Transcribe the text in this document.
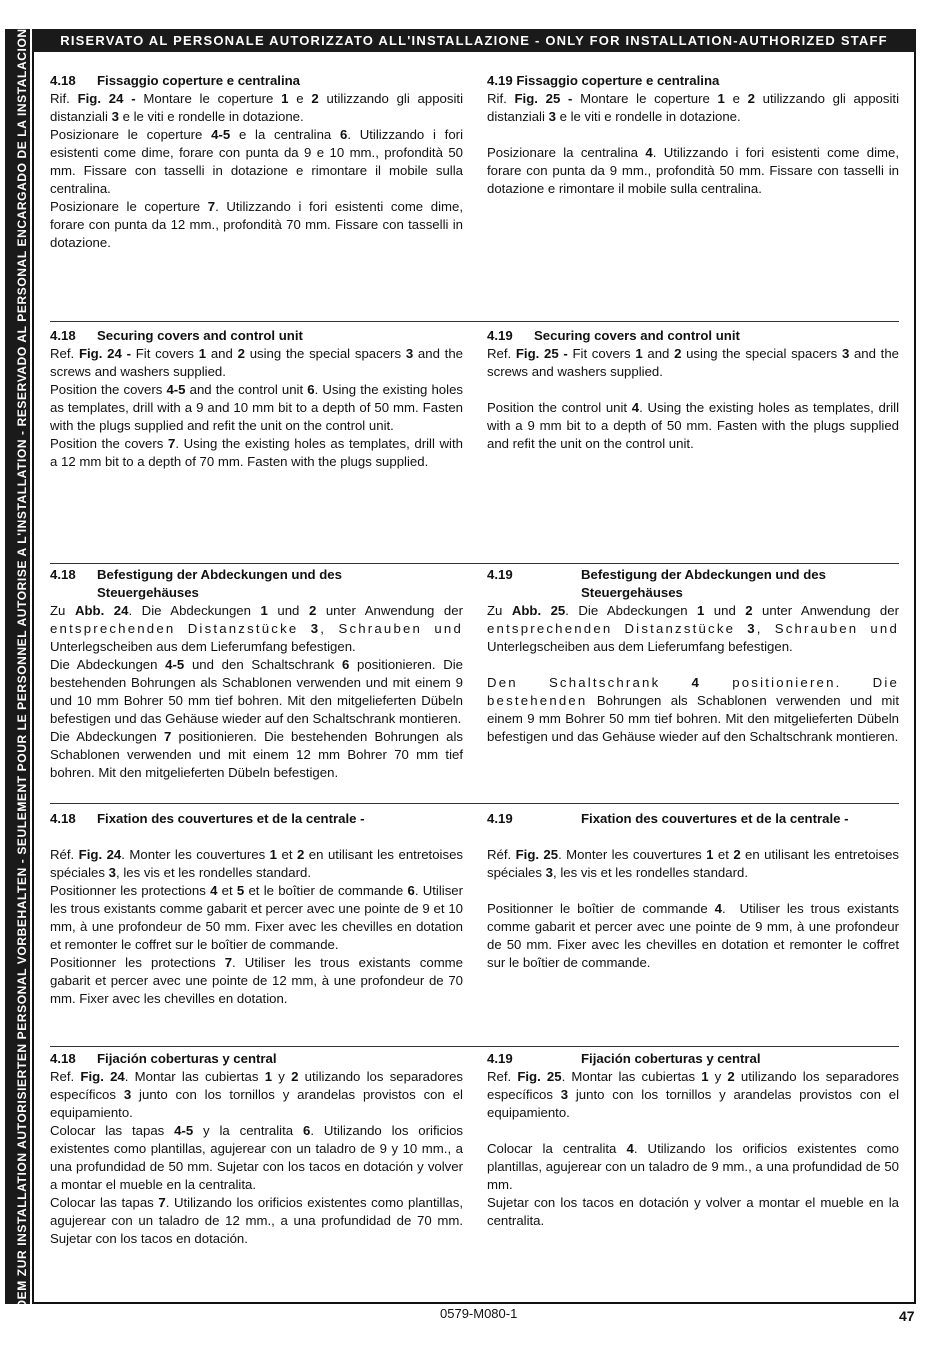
RISERVATO AL PERSONALE AUTORIZZATO ALL'INSTALLAZIONE - ONLY FOR INSTALLATION-AUTHORIZED STAFF
IST DEM ZUR INSTALLATION AUTORISIERTEN PERSONAL VORBEHALTEN - SEULEMENT POUR LE PERSONNEL AUTORISE A L'INSTALLATION - RESERVADO AL PERSONAL ENCARGADO DE LA INSTALACION	4.18 Fissaggio coperture e centralina

Rif. Fig. 24 - Montare le coperture 1 e 2 utilizzando gli appositi distanziali 3 e le viti e rondelle in dotazione.

Posizionare le coperture 4-5 e la centralina 6. Utilizzando i fori esistenti come dime, forare con punta da 9 e 10 mm., profondità 50 mm. Fissare con tasselli in dotazione e rimontare il mobile sulla centralina.

Posizionare le coperture 7. Utilizzando i fori esistenti come dime, forare con punta da 12 mm., profondità 70 mm. Fissare con tasselli in dotazione.

4.19 Fissaggio coperture e centralina

Rif. Fig. 25 - Montare le coperture 1 e 2 utilizzando gli appositi distanziali 3 e le viti e rondelle in dotazione.

Posizionare la centralina 4. Utilizzando i fori esistenti come dime, forare con punta da 9 mm., profondità 50 mm. Fissare con tasselli in dotazione e rimontare il mobile sulla centralina.

4.18 Securing covers and control unit

Ref. Fig. 24 - Fit covers 1 and 2 using the special spacers 3 and the screws and washers supplied.

Position the covers 4-5 and the control unit 6. Using the existing holes as templates, drill with a 9 and 10 mm bit to a depth of 50 mm. Fasten with the plugs supplied and refit the unit on the control unit.

Position the covers 7. Using the existing holes as templates, drill with a 12 mm bit to a depth of 70 mm. Fasten with the plugs supplied.

4.19 Securing covers and control unit

Ref. Fig. 25 - Fit covers 1 and 2 using the special spacers 3 and the screws and washers supplied.

Position the control unit 4. Using the existing holes as templates, drill with a 9 mm bit to a depth of 50 mm. Fasten with the plugs supplied and refit the unit on the control unit.

4.18 Befestigung der Abdeckungen und des
Steuergehäuses

Zu Abb. 24. Die Abdeckungen 1 und 2 unter Anwendung der entsprechenden Distanzstücke 3, Schrauben und Unterlegscheiben aus dem Lieferumfang befestigen.

Die Abdeckungen 4-5 und den Schaltschrank 6 positionieren. Die bestehenden Bohrungen als Schablonen verwenden und mit einem 9 und 10 mm Bohrer 50 mm tief bohren. Mit den mitgelieferten Dübeln befestigen und das Gehäuse wieder auf den Schaltschrank montieren.

Die Abdeckungen 7 positionieren. Die bestehenden Bohrungen als Schablonen verwenden und mit einem 12 mm Bohrer 70 mm tief bohren. Mit den mitgelieferten Dübeln befestigen.

4.19	Befestigung der Abdeckungen und des
Steuergehäuses

Zu Abb. 25. Die Abdeckungen 1 und 2 unter Anwendung der entsprechenden Distanzstücke 3, Schrauben und Unterlegscheiben aus dem Lieferumfang befestigen.

Den Schaltschrank 4 positionieren. Die bestehenden Bohrungen als Schablonen verwenden und mit einem 9 mm Bohrer 50 mm tief bohren. Mit den mitgelieferten Dübeln befestigen und das Gehäuse wieder auf den Schaltschrank montieren.

4.18 Fixation des couvertures et de la centrale -

Réf. Fig. 24. Monter les couvertures 1 et 2 en utilisant les entretoises spéciales 3, les vis et les rondelles standard.

Positionner les protections 4 et 5 et le boîtier de commande 6. Utiliser les trous existants comme gabarit et percer avec une pointe de 9 et 10 mm, à une profondeur de 50 mm. Fixer avec les chevilles en dotation et remonter le coffret sur le boîtier de commande.

Positionner les protections 7. Utiliser les trous existants comme gabarit et percer avec une pointe de 12 mm, à une profondeur de 70 mm. Fixer avec les chevilles en dotation.

4.19	Fixation des couvertures et de la centrale -

Réf. Fig. 25. Monter les couvertures 1 et 2 en utilisant les entretoises spéciales 3, les vis et les rondelles standard.

Positionner le boîtier de commande 4.  Utiliser les trous existants comme gabarit et percer avec une pointe de 9 mm, à une profondeur de 50 mm. Fixer avec les chevilles en dotation et remonter le coffret sur le boîtier de commande.

4.18 Fijación coberturas y central

Ref. Fig. 24. Montar las cubiertas 1 y 2 utilizando los separadores específicos 3 junto con los tornillos y arandelas provistos con el equipamiento.

Colocar las tapas 4-5 y la centralita 6. Utilizando los orificios existentes como plantillas, agujerear con un taladro de 9 y 10 mm., a una profundidad de 50 mm. Sujetar con los tacos en dotación y volver a montar el mueble en la centralita.

Colocar las tapas 7. Utilizando los orificios existentes como plantillas, agujerear con un taladro de 12 mm., a una profundidad de 70 mm. Sujetar con los tacos en dotación.

4.19	Fijación coberturas y central

Ref. Fig. 25. Montar las cubiertas 1 y 2 utilizando los separadores específicos 3 junto con los tornillos y arandelas provistos con el equipamiento.

Colocar la centralita 4. Utilizando los orificios existentes como plantillas, agujerear con un taladro de 9 mm., a una profundidad de 50 mm.

Sujetar con los tacos en dotación y volver a montar el mueble en la centralita.

0579-M080-1	47
